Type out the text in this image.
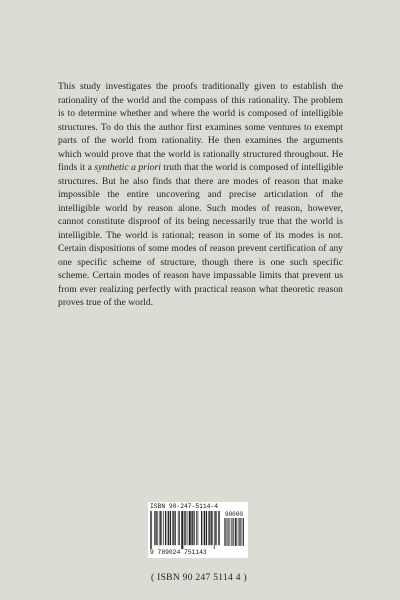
This study investigates the proofs traditionally given to establish the rationality of the world and the compass of this rationality. The problem is to determine whether and where the world is composed of intelligible structures. To do this the author first examines some ventures to exempt parts of the world from rationality. He then examines the arguments which would prove that the world is rationally structured throughout. He finds it a synthetic a priori truth that the world is composed of intelligible structures. But he also finds that there are modes of reason that make impossible the entire uncovering and precise articulation of the intelligible world by reason alone. Such modes of reason, however, cannot constitute disproof of its being necessarily true that the world is intelligible. The world is rational; reason in some of its modes is not. Certain dispositions of some modes of reason prevent certification of any one specific scheme of structure, though there is one such specific scheme. Certain modes of reason have impassable limits that prevent us from ever realizing perfectly with practical reason what theoretic reason proves true of the world.
ISBN 90-247-5114-4
90000
9 789024 751143
( ISBN 90 247 5114 4 )
